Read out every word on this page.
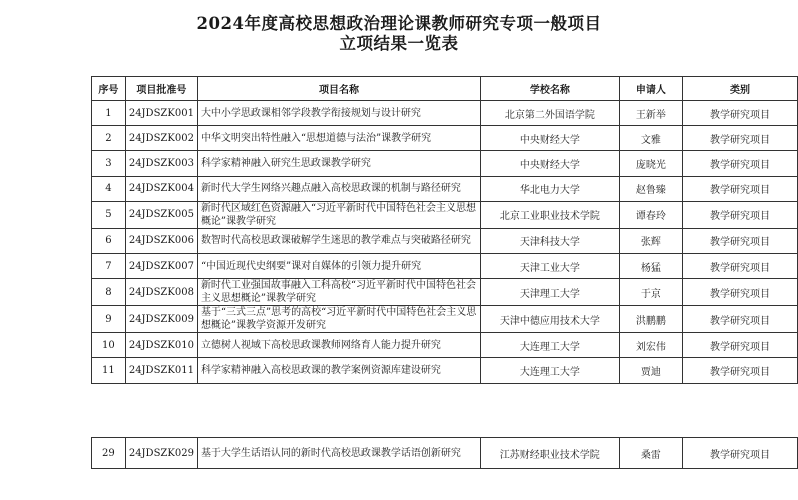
2024年度高校思想政治理论课教师研究专项一般项目
立项结果一览表
序号	项目批准号	项目名称	学校名称	申请人	类别
1	24JDSZK001	大中小学思政课相邻学段教学衔接规划与设计研究	北京第二外国语学院	王新举	教学研究项目
2	24JDSZK002	中华文明突出特性融入“思想道德与法治”课教学研究	中央财经大学	文雅	教学研究项目
3	24JDSZK003	科学家精神融入研究生思政课教学研究	中央财经大学	庞晓光	教学研究项目
4	24JDSZK004	新时代大学生网络兴趣点融入高校思政课的机制与路径研究	华北电力大学	赵鲁臻	教学研究项目
5	24JDSZK005	新时代区域红色资源融入“习近平新时代中国特色社会主义思想概论”课教学研究	北京工业职业技术学院	谭春玲	教学研究项目
6	24JDSZK006	数智时代高校思政课破解学生迷思的教学难点与突破路径研究	天津科技大学	张辉	教学研究项目
7	24JDSZK007	“中国近现代史纲要”课对自媒体的引领力提升研究	天津工业大学	杨猛	教学研究项目
8	24JDSZK008	新时代工业强国故事融入工科高校“习近平新时代中国特色社会主义思想概论”课教学研究	天津理工大学	于京	教学研究项目
9	24JDSZK009	基于“三式三点”思考的高校“习近平新时代中国特色社会主义思想概论”课教学资源开发研究	天津中德应用技术大学	洪鹏鹏	教学研究项目
10	24JDSZK010	立德树人视域下高校思政课教师网络育人能力提升研究	大连理工大学	刘宏伟	教学研究项目
11	24JDSZK011	科学家精神融入高校思政课的教学案例资源库建设研究	大连理工大学	贾迪	教学研究项目
29	24JDSZK029	基于大学生话语认同的新时代高校思政课教学话语创新研究	江苏财经职业技术学院	桑雷	教学研究项目
